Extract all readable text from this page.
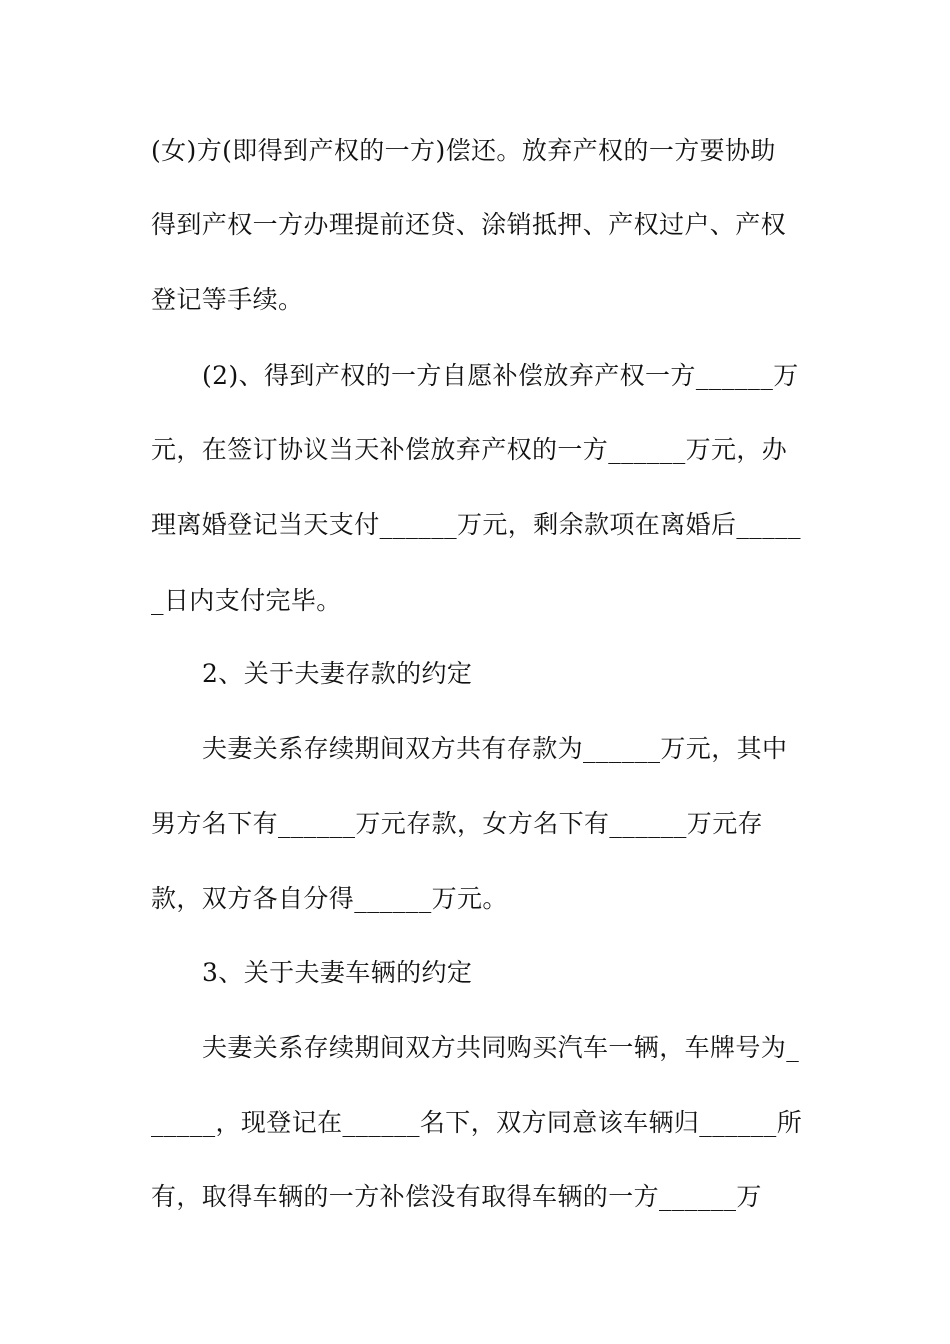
(女)方(即得到产权的一方)偿还。放弃产权的一方要协助
得到产权一方办理提前还贷、涂销抵押、产权过户、产权
登记等手续。
(2)、得到产权的一方自愿补偿放弃产权一方______万
元，在签订协议当天补偿放弃产权的一方______万元，办
理离婚登记当天支付______万元，剩余款项在离婚后_____
_日内支付完毕。
2、关于夫妻存款的约定
夫妻关系存续期间双方共有存款为______万元，其中
男方名下有______万元存款，女方名下有______万元存
款，双方各自分得______万元。
3、关于夫妻车辆的约定
夫妻关系存续期间双方共同购买汽车一辆，车牌号为_
_____，现登记在______名下，双方同意该车辆归______所
有，取得车辆的一方补偿没有取得车辆的一方______万
